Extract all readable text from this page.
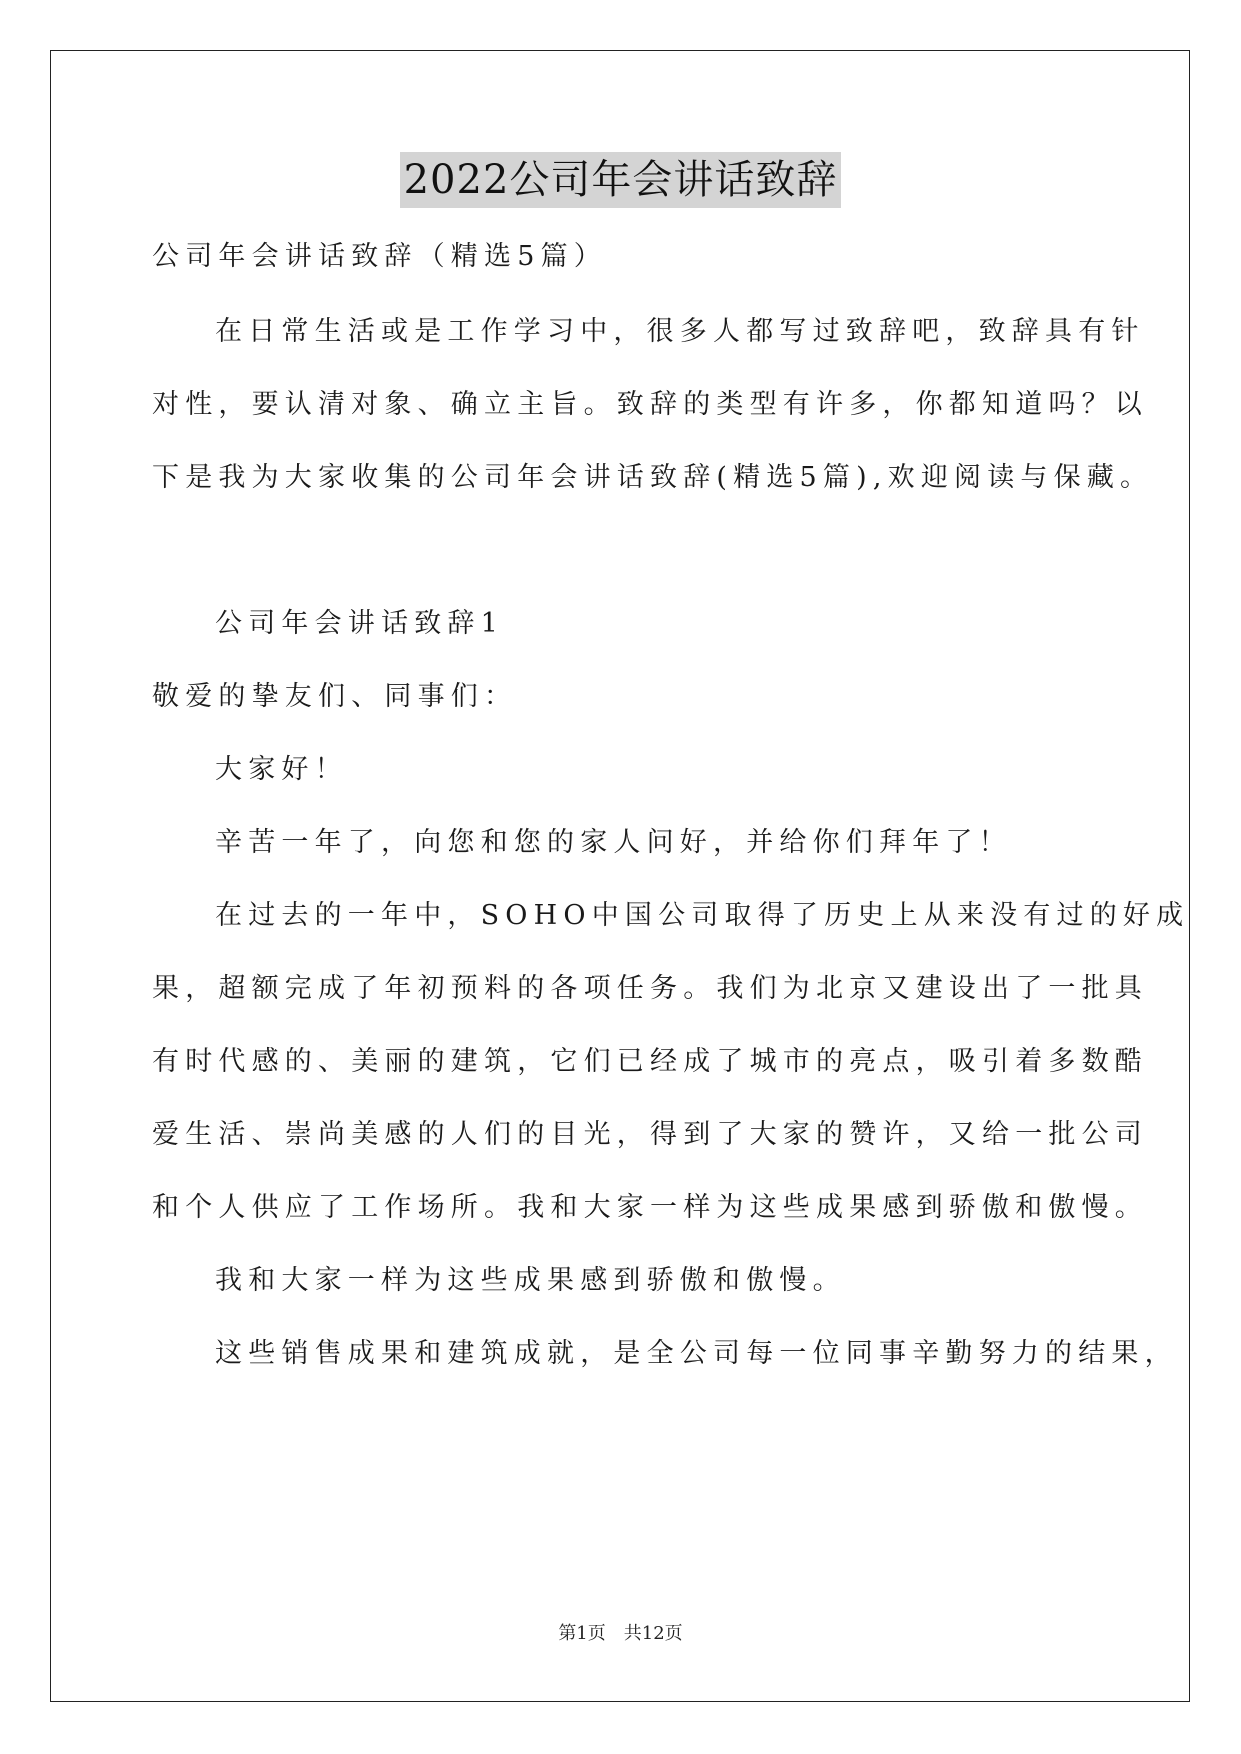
2022公司年会讲话致辞
公司年会讲话致辞（精选5篇）
在日常生活或是工作学习中，很多人都写过致辞吧，致辞具有针
对性，要认清对象、确立主旨。致辞的类型有许多，你都知道吗？以
下是我为大家收集的公司年会讲话致辞(精选5篇),欢迎阅读与保藏。
公司年会讲话致辞1
敬爱的挚友们、同事们：
大家好！
辛苦一年了，向您和您的家人问好，并给你们拜年了！
在过去的一年中，SOHO中国公司取得了历史上从来没有过的好成
果，超额完成了年初预料的各项任务。我们为北京又建设出了一批具
有时代感的、美丽的建筑，它们已经成了城市的亮点，吸引着多数酷
爱生活、崇尚美感的人们的目光，得到了大家的赞许，又给一批公司
和个人供应了工作场所。我和大家一样为这些成果感到骄傲和傲慢。
我和大家一样为这些成果感到骄傲和傲慢。
这些销售成果和建筑成就，是全公司每一位同事辛勤努力的结果，
第1页　共12页
